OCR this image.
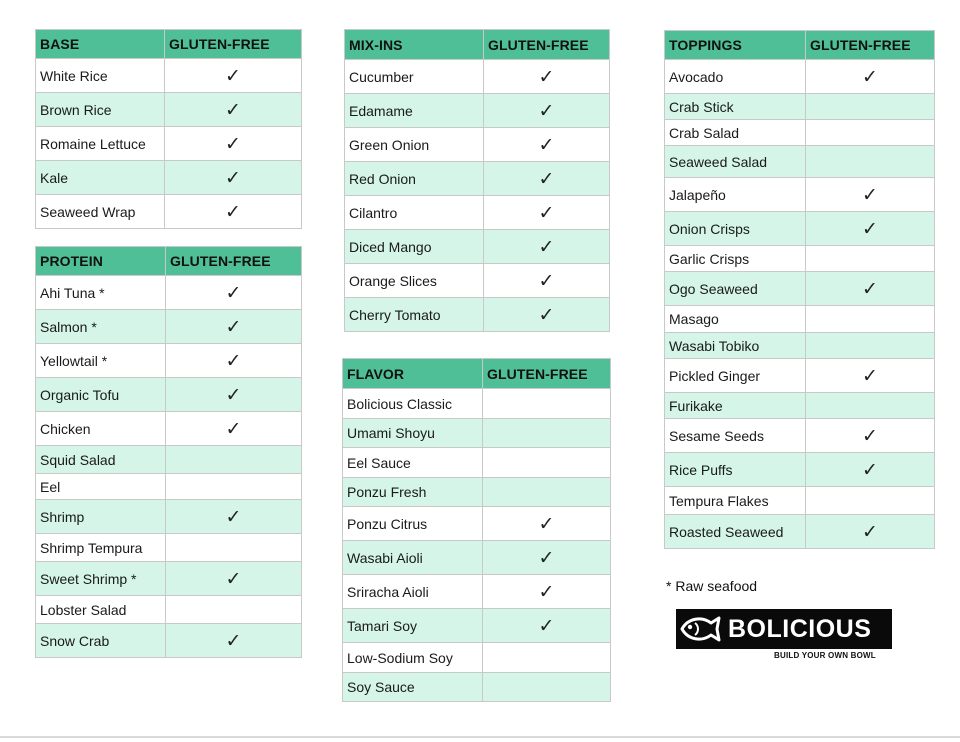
BASE	GLUTEN-FREE
White Rice	✓
Brown Rice	✓
Romaine Lettuce	✓
Kale	✓
Seaweed Wrap	✓
PROTEIN	GLUTEN-FREE
Ahi Tuna *	✓
Salmon *	✓
Yellowtail *	✓
Organic Tofu	✓
Chicken	✓
Squid Salad	
Eel	
Shrimp	✓
Shrimp Tempura	
Sweet Shrimp *	✓
Lobster Salad	
Snow Crab	✓
MIX-INS	GLUTEN-FREE
Cucumber	✓
Edamame	✓
Green Onion	✓
Red Onion	✓
Cilantro	✓
Diced Mango	✓
Orange Slices	✓
Cherry Tomato	✓
FLAVOR	GLUTEN-FREE
Bolicious Classic	
Umami Shoyu	
Eel Sauce	
Ponzu Fresh	
Ponzu Citrus	✓
Wasabi Aioli	✓
Sriracha Aioli	✓
Tamari Soy	✓
Low-Sodium Soy	
Soy Sauce	
TOPPINGS	GLUTEN-FREE
Avocado	✓
Crab Stick	
Crab Salad	
Seaweed Salad	
Jalapeño	✓
Onion Crisps	✓
Garlic Crisps	
Ogo Seaweed	✓
Masago	
Wasabi Tobiko	
Pickled Ginger	✓
Furikake	
Sesame Seeds	✓
Rice Puffs	✓
Tempura Flakes	
Roasted Seaweed	✓
* Raw seafood
BOLICIOUS
BUILD YOUR OWN BOWL
